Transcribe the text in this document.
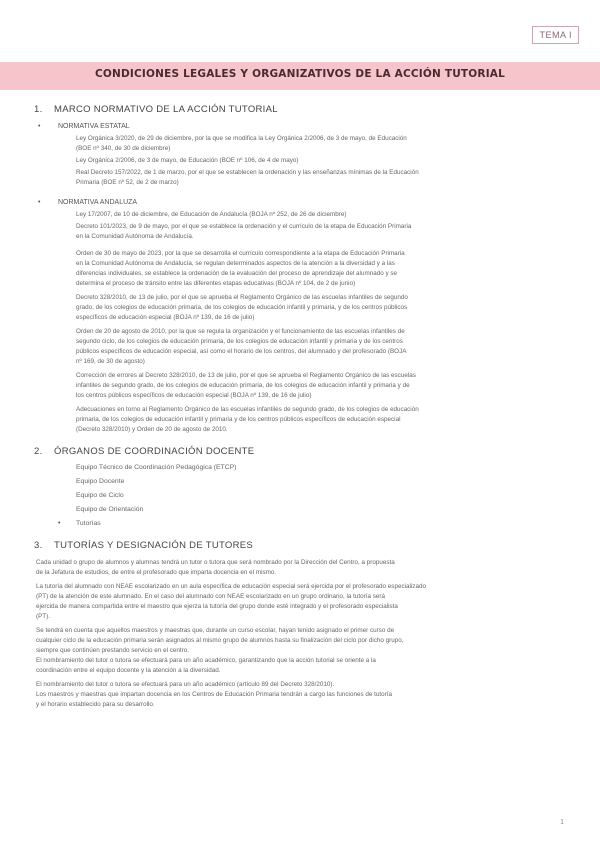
TEMA I
CONDICIONES LEGALES Y ORGANIZATIVOS DE LA ACCIÓN TUTORIAL
1. MARCO NORMATIVO DE LA ACCIÓN TUTORIAL
•	NORMATIVA ESTATAL
Ley Orgánica 3/2020, de 29 de diciembre, por la que se modifica la Ley Orgánica 2/2006, de 3 de mayo, de Educación
(BOE nº 340, de 30 de diciembre)
Ley Orgánica 2/2006, de 3 de mayo, de Educación (BOE nº 106, de 4 de mayo)
Real Decreto 157/2022, de 1 de marzo, por el que se establecen la ordenación y las enseñanzas mínimas de la Educación
Primaria (BOE nº 52, de 2 de marzo)
•	NORMATIVA ANDALUZA
Ley 17/2007, de 10 de diciembre, de Educación de Andalucía (BOJA nº 252, de 26 de diciembre)
Decreto 101/2023, de 9 de mayo, por el que se establece la ordenación y el currículo de la etapa de Educación Primaria
en la Comunidad Autónoma de Andalucía.
Orden de 30 de mayo de 2023, por la que se desarrolla el currículo correspondiente a la etapa de Educación Primaria
en la Comunidad Autónoma de Andalucía, se regulan determinados aspectos de la atención a la diversidad y a las
diferencias individuales, se establece la ordenación de la evaluación del proceso de aprendizaje del alumnado y se
determina el proceso de tránsito entre las diferentes etapas educativas (BOJA nº 104, de 2 de junio)
Decreto 328/2010, de 13 de julio, por el que se aprueba el Reglamento Orgánico de las escuelas infantiles de segundo
grado, de los colegios de educación primaria, de los colegios de educación infantil y primaria, y de los centros públicos
específicos de educación especial (BOJA nº 139, de 16 de julio)
Orden de 20 de agosto de 2010, por la que se regula la organización y el funcionamiento de las escuelas infantiles de
segundo ciclo, de los colegios de educación primaria, de los colegios de educación infantil y primaria y de los centros
públicos específicos de educación especial, así como el horario de los centros, del alumnado y del profesorado (BOJA
nº 169, de 30 de agosto)
Corrección de errores al Decreto 328/2010, de 13 de julio, por el que se aprueba el Reglamento Orgánico de las escuelas
infantiles de segundo grado, de los colegios de educación primaria, de los colegios de educación infantil y primaria y de
los centros públicos específicos de educación especial (BOJA nº 139, de 16 de julio)
Adecuaciones en torno al Reglamento Orgánico de las escuelas infantiles de segundo grado, de los colegios de educación
primaria, de los colegios de educación infantil y primaria y de los centros públicos específicos de educación especial
(Decreto 328/2010) y Orden de 20 de agosto de 2010.
2. ÓRGANOS DE COORDINACIÓN DOCENTE
Equipo Técnico de Coordinación Pedagógica (ETCP)
Equipo Docente
Equipo de Ciclo
Equipo de Orientación
• Tutorías
3. TUTORÍAS Y DESIGNACIÓN DE TUTORES
Cada unidad o grupo de alumnos y alumnas tendrá un tutor o tutora que será nombrado por la Dirección del Centro, a propuesta
de la Jefatura de estudios, de entre el profesorado que imparta docencia en el mismo.
La tutoría del alumnado con NEAE escolarizado en un aula específica de educación especial será ejercida por el profesorado especializado
(PT) de la atención de este alumnado. En el caso del alumnado con NEAE escolarizado en un grupo ordinario, la tutoría será
ejercida de manera compartida entre el maestro que ejerza la tutoría del grupo donde esté integrado y el profesorado especialista
(PT).
Se tendrá en cuenta que aquellos maestros y maestras que, durante un curso escolar, hayan tenido asignado el primer curso de
cualquier ciclo de la educación primaria serán asignados al mismo grupo de alumnos hasta su finalización del ciclo por dicho grupo,
siempre que continúen prestando servicio en el centro.
El nombramiento del tutor o tutora se efectuará para un año académico, garantizando que la acción tutorial se oriente a la
coordinación entre el equipo docente y la atención a la diversidad.
El nombramiento del tutor o tutora se efectuará para un año académico (artículo 89 del Decreto 328/2010).
Los maestros y maestras que impartan docencia en los Centros de Educación Primaria tendrán a cargo las funciones de tutoría
y el horario establecido para su desarrollo.
1
